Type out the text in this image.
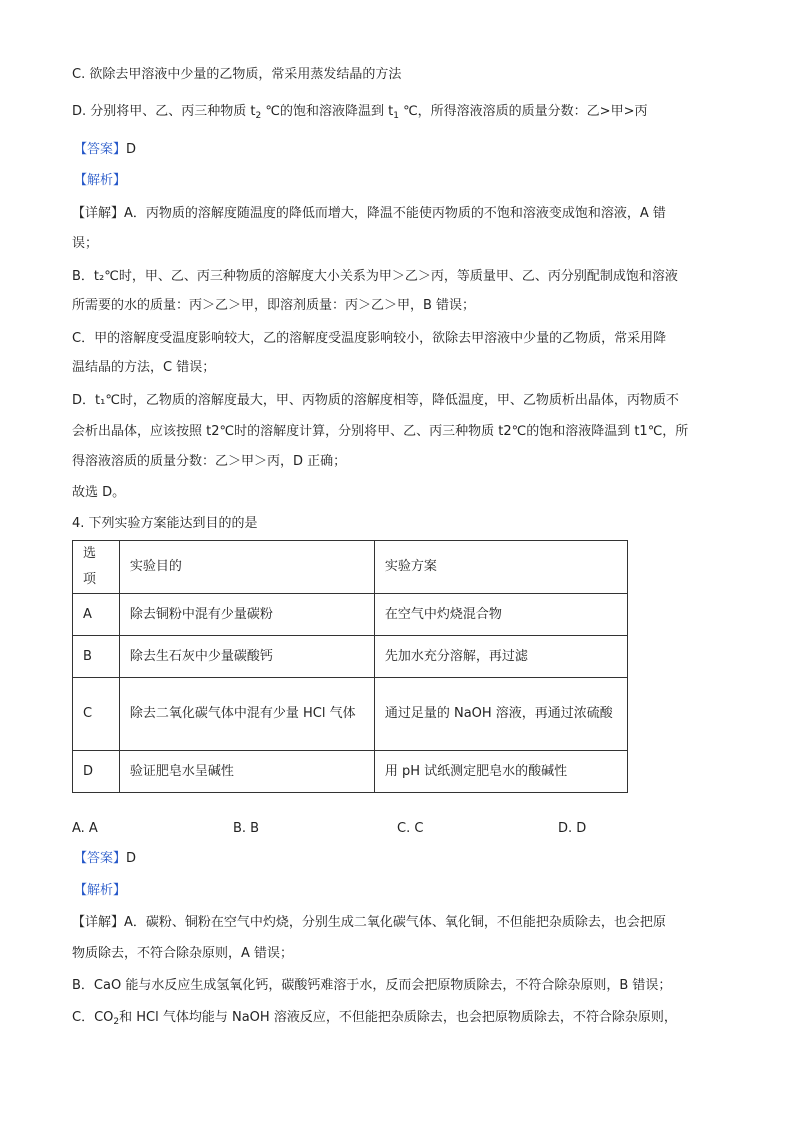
C. 欲除去甲溶液中少量的乙物质，常采用蒸发结晶的方法
D. 分别将甲、乙、丙三种物质 $t_2$ ℃的饱和溶液降温到 $t_1$ ℃，所得溶液溶质的质量分数：乙>甲>丙
【答案】D
【解析】
【详解】A．丙物质的溶解度随温度的降低而增大，降温不能使丙物质的不饱和溶液变成饱和溶液，A 错
误；
B．t₂℃时，甲、乙、丙三种物质的溶解度大小关系为甲＞乙＞丙，等质量甲、乙、丙分别配制成饱和溶液
所需要的水的质量：丙＞乙＞甲，即溶剂质量：丙＞乙＞甲，B 错误；
C．甲的溶解度受温度影响较大，乙的溶解度受温度影响较小，欲除去甲溶液中少量的乙物质，常采用降
温结晶的方法，C 错误；
D．t₁℃时，乙物质的溶解度最大，甲、丙物质的溶解度相等，降低温度，甲、乙物质析出晶体，丙物质不
会析出晶体，应该按照 t2℃时的溶解度计算，分别将甲、乙、丙三种物质 t2℃的饱和溶液降温到 t1℃，所
得溶液溶质的质量分数：乙＞甲＞丙，D 正确；
故选 D。
4. 下列实验方案能达到目的的是
选项	实验目的	实验方案
A	除去铜粉中混有少量碳粉	在空气中灼烧混合物
B	除去生石灰中少量碳酸钙	先加水充分溶解，再过滤
C	除去二氧化碳气体中混有少量 HCl 气体	通过足量的 NaOH 溶液，再通过浓硫酸
D	验证肥皂水呈碱性	用 pH 试纸测定肥皂水的酸碱性
A. A	B. B	C. C	D. D
【答案】D
【解析】
【详解】A．碳粉、铜粉在空气中灼烧，分别生成二氧化碳气体、氧化铜，不但能把杂质除去，也会把原
物质除去，不符合除杂原则，A 错误；
B．CaO 能与水反应生成氢氧化钙，碳酸钙难溶于水，反而会把原物质除去，不符合除杂原则，B 错误；
C．$CO_2$和 HCl 气体均能与 NaOH 溶液反应，不但能把杂质除去，也会把原物质除去，不符合除杂原则，
